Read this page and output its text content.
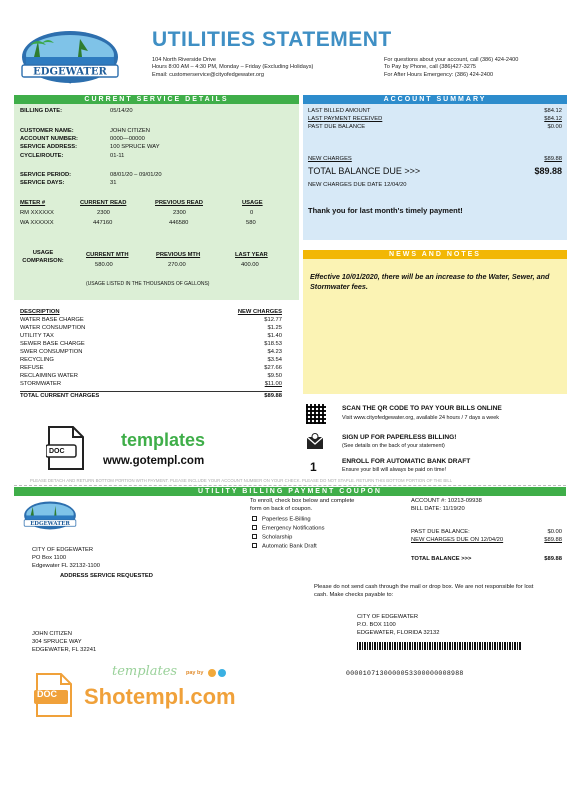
EDGEWATER
❧
UTILITIES STATEMENT
104 North Riverside Drive
Hours 8:00 AM – 4:30 PM, Monday – Friday (Excluding Holidays)
Email: customerservice@cityofedgewater.org
For questions about your account, call (386) 424-2400
To Pay by Phone, call (386)427-3275
For After Hours Emergency: (386) 424-2400
CURRENT SERVICE DETAILS
BILLING DATE:	05/14/20
CUSTOMER NAME:	JOHN CITIZEN
ACCOUNT NUMBER:	0000—00000
SERVICE ADDRESS:	100 SPRUCE WAY
CYCLE/ROUTE:	01-11
SERVICE PERIOD:	08/01/20 – 09/01/20
SERVICE DAYS:	31
METER #	CURRENT READ	PREVIOUS READ	USAGE
RM XXXXXX	2300	2300	0
WA XXXXXX	447160	446580	580
USAGE COMPARISON:
CURRENT MTH	PREVIOUS MTH	LAST YEAR
580.00	270.00	400.00
(USAGE LISTED IN THE THOUSANDS OF GALLONS)
DESCRIPTION	NEW CHARGES
WATER BASE CHARGE	$12.77
WATER CONSUMPTION	$1.25
UTILITY TAX	$1.40
SEWER BASE CHARGE	$18.53
SWER CONSUMPTION	$4.23
RECYCLING	$3.54
REFUSE	$27.66
RECLAIMING WATER	$9.50
STORMWATER	$11.00
TOTAL CURRENT CHARGES	$89.88
DOC
templates
www.gotempl.com
ACCOUNT SUMMARY
LAST BILLED AMOUNT	$84.12
LAST PAYMENT RECEIVED	$84.12
PAST DUE BALANCE	$0.00
NEW CHARGES	$89.88
TOTAL BALANCE DUE >>>	$89.88
NEW CHARGES DUE DATE 12/04/20
Thank you for last month's timely payment!
NEWS AND NOTES
Effective 10/01/2020, there will be an increase to the Water, Sewer, and Stormwater fees.
SCAN THE QR CODE TO PAY YOUR BILLS ONLINE
Visit www.cityofedgewater.org, available 24 hours / 7 days a week
SIGN UP FOR PAPERLESS BILLING!
(See details on the back of your statement)
1	ENROLL FOR AUTOMATIC BANK DRAFT
Ensure your bill will always be paid on time!
PLEASE DETACH AND RETURN BOTTOM PORTION WITH PAYMENT. PLEASE INCLUDE YOUR ACCOUNT NUMBER ON YOUR CHECK. PLEASE DO NOT STAPLE. RETURN THIS BOTTOM PORTION OF THE BILL
UTILITY BILLING PAYMENT COUPON
EDGEWATER
To enroll, check box below and complete form on back of coupon.
Paperless E-Billing
Emergency Notifications
Scholarship
Automatic Bank Draft
ACCOUNT #: 10213-09938
BILL DATE: 11/19/20
PAST DUE BALANCE:	$0.00
NEW CHARGES DUE ON 12/04/20	$89.88
TOTAL BALANCE >>>	$89.88
CITY OF EDGEWATER
PO Box 1100
Edgewater FL 32132-1100
ADDRESS SERVICE REQUESTED
Please do not send cash through the mail or drop box. We are not responsible for lost cash. Make checks payable to:
CITY OF EDGEWATER
P.O. BOX 1100
EDGEWATER, FLORIDA 32132
JOHN CITIZEN
304 SPRUCE WAY
EDGEWATER, FL 32241
0000107130000053300000008988
templates pay by
DOC Shotempl.com
